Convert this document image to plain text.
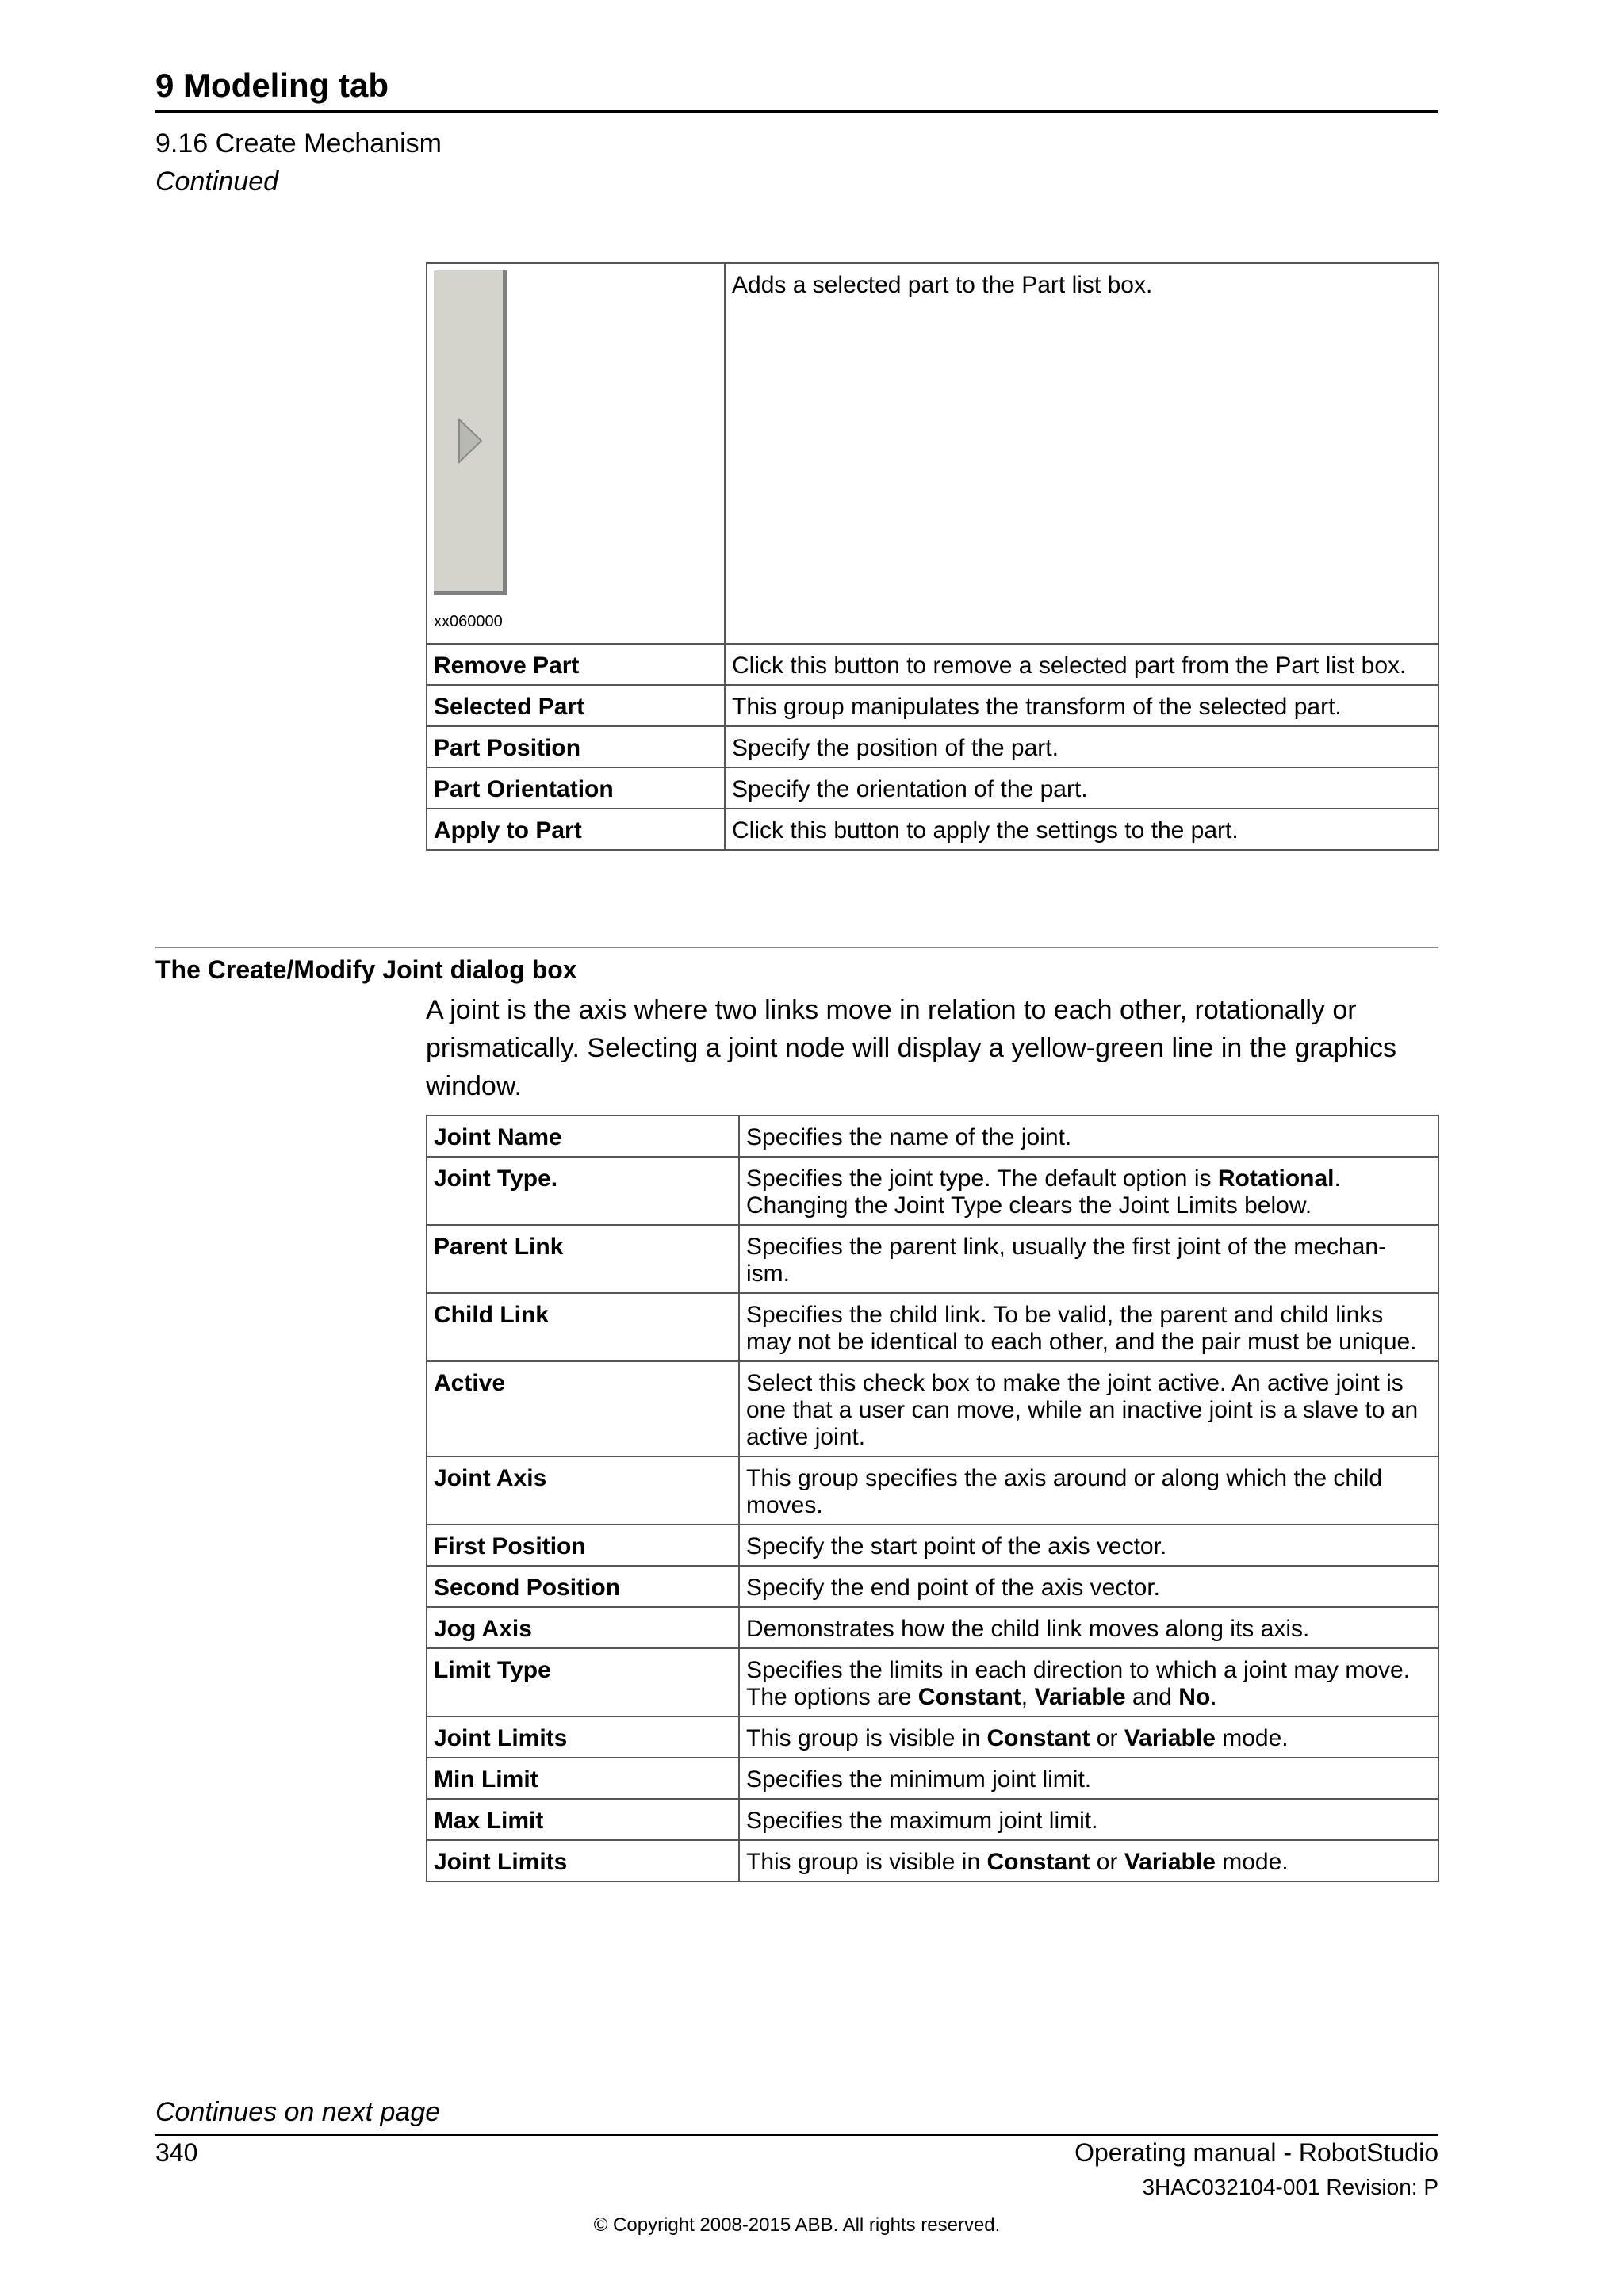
9 Modeling tab
9.16 Create Mechanism
Continued
xx060000	Adds a selected part to the Part list box.
Remove Part	Click this button to remove a selected part from the Part list box.
Selected Part	This group manipulates the transform of the selected part.
Part Position	Specify the position of the part.
Part Orientation	Specify the orientation of the part.
Apply to Part	Click this button to apply the settings to the part.
The Create/Modify Joint dialog box
A joint is the axis where two links move in relation to each other, rotationally or prismatically. Selecting a joint node will display a yellow-green line in the graphics window.
Joint Name	Specifies the name of the joint.
Joint Type.	Specifies the joint type. The default option is Rotational. Changing the Joint Type clears the Joint Limits below.
Parent Link	Specifies the parent link, usually the first joint of the mechan-ism.
Child Link	Specifies the child link. To be valid, the parent and child links may not be identical to each other, and the pair must be unique.
Active	Select this check box to make the joint active. An active joint is one that a user can move, while an inactive joint is a slave to an active joint.
Joint Axis	This group specifies the axis around or along which the child moves.
First Position	Specify the start point of the axis vector.
Second Position	Specify the end point of the axis vector.
Jog Axis	Demonstrates how the child link moves along its axis.
Limit Type	Specifies the limits in each direction to which a joint may move. The options are Constant, Variable and No.
Joint Limits	This group is visible in Constant or Variable mode.
Min Limit	Specifies the minimum joint limit.
Max Limit	Specifies the maximum joint limit.
Joint Limits	This group is visible in Constant or Variable mode.
Continues on next page
340	Operating manual - RobotStudio
3HAC032104-001 Revision: P
© Copyright 2008-2015 ABB. All rights reserved.
